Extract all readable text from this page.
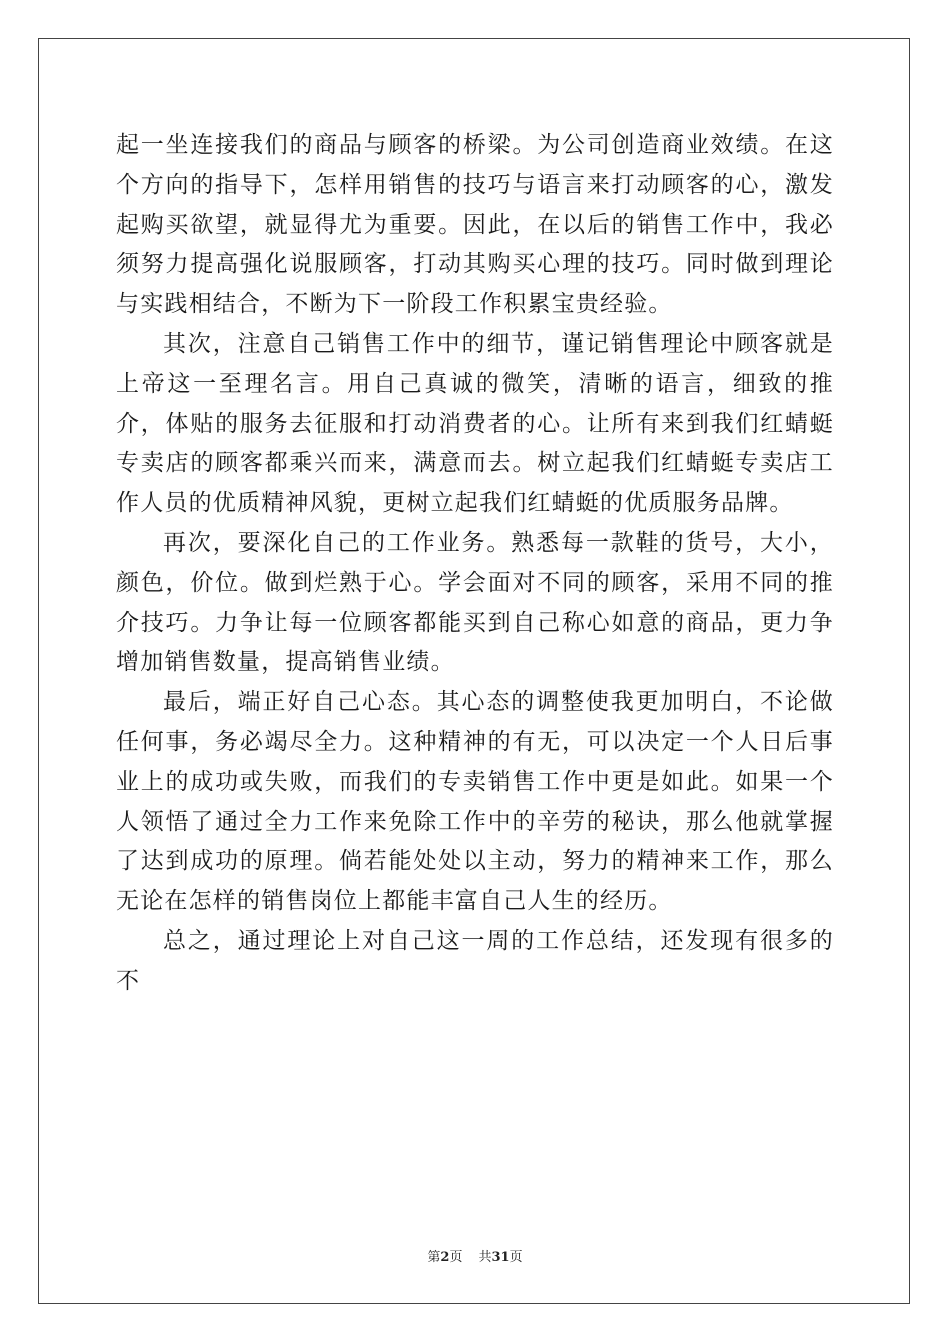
起一坐连接我们的商品与顾客的桥梁。为公司创造商业效绩。在这个方向的指导下，怎样用销售的技巧与语言来打动顾客的心，激发起购买欲望，就显得尤为重要。因此，在以后的销售工作中，我必须努力提高强化说服顾客，打动其购买心理的技巧。同时做到理论与实践相结合，不断为下一阶段工作积累宝贵经验。

其次，注意自己销售工作中的细节，谨记销售理论中顾客就是上帝这一至理名言。用自己真诚的微笑，清晰的语言，细致的推介，体贴的服务去征服和打动消费者的心。让所有来到我们红蜻蜓专卖店的顾客都乘兴而来，满意而去。树立起我们红蜻蜓专卖店工作人员的优质精神风貌，更树立起我们红蜻蜓的优质服务品牌。

再次，要深化自己的工作业务。熟悉每一款鞋的货号，大小，颜色，价位。做到烂熟于心。学会面对不同的顾客，采用不同的推介技巧。力争让每一位顾客都能买到自己称心如意的商品，更力争增加销售数量，提高销售业绩。

最后，端正好自己心态。其心态的调整使我更加明白，不论做任何事，务必竭尽全力。这种精神的有无，可以决定一个人日后事业上的成功或失败，而我们的专卖销售工作中更是如此。如果一个人领悟了通过全力工作来免除工作中的辛劳的秘诀，那么他就掌握了达到成功的原理。倘若能处处以主动，努力的精神来工作，那么无论在怎样的销售岗位上都能丰富自己人生的经历。

总之，通过理论上对自己这一周的工作总结，还发现有很多的不

第2页 共31页
